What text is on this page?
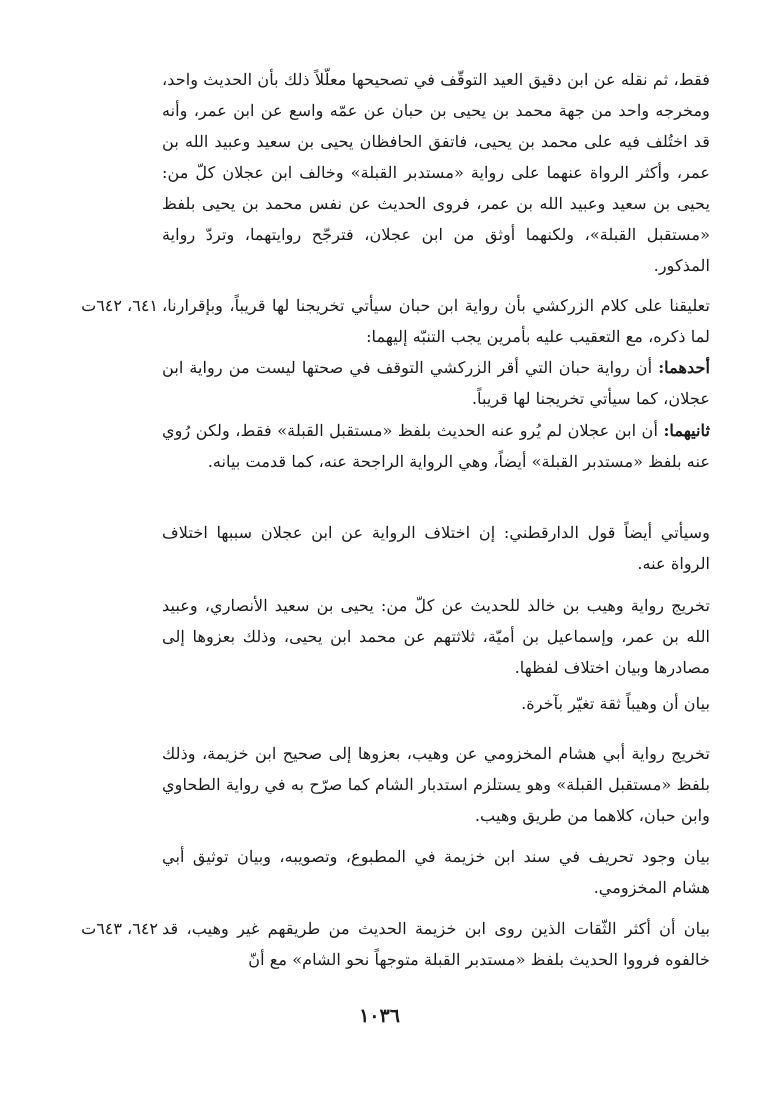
فقط، ثم نقله عن ابن دقيق العيد التوقّف في تصحيحها معلّلاً ذلك بأن الحديث واحد، ومخرجه واحد من جهة محمد بن يحيى بن حبان عن عمّه واسع عن ابن عمر، وأنه قد اختُلف فيه على محمد بن يحيى، فاتفق الحافظان يحيى بن سعيد وعبيد الله بن عمر، وأكثر الرواة عنهما على رواية «مستدبر القبلة» وخالف ابن عجلان كلّ من: يحيى بن سعيد وعبيد الله بن عمر، فروى الحديث عن نفس محمد بن يحيى بلفظ «مستقبل القبلة»، ولكنهما أوثق من ابن عجلان، فترجّح روايتهما، وتردّ رواية المذكور.

تعليقنا على كلام الزركشي بأن رواية ابن حبان سيأتي تخريجنا لها قريباً، وبإقرارنا، لما ذكره، مع التعقيب عليه بأمرين يجب التنبّه إليهما:

٦٤١، ٦٤٢ت

أحدهما: أن رواية حبان التي أقر الزركشي التوقف في صحتها ليست من رواية ابن عجلان، كما سيأتي تخريجنا لها قريباً.

ثانيهما: أن ابن عجلان لم يُرو عنه الحديث بلفظ «مستقبل القبلة» فقط، ولكن رُوي عنه بلفظ «مستدبر القبلة» أيضاً، وهي الرواية الراجحة عنه، كما قدمت بيانه.

وسيأتي أيضاً قول الدارقطني: إن اختلاف الرواية عن ابن عجلان سببها اختلاف الرواة عنه.

تخريج رواية وهيب بن خالد للحديث عن كلّ من: يحيى بن سعيد الأنصاري، وعبيد الله بن عمر، وإسماعيل بن أميّة، ثلاثتهم عن محمد ابن يحيى، وذلك بعزوها إلى مصادرها وبيان اختلاف لفظها.

بيان أن وهيباً ثقة تغيّر بآخرة.

تخريج رواية أبي هشام المخزومي عن وهيب، بعزوها إلى صحيح ابن خزيمة، وذلك بلفظ «مستقبل القبلة» وهو يستلزم استدبار الشام كما صرّح به في رواية الطحاوي وابن حبان، كلاهما من طريق وهيب.

بيان وجود تحريف في سند ابن خزيمة في المطبوع، وتصويبه، وبيان توثيق أبي هشام المخزومي.

بيان أن أكثر الثّقات الذين روى ابن خزيمة الحديث من طريقهم غير وهيب، قد خالفوه فرووا الحديث بلفظ «مستدبر القبلة متوجهاً نحو الشام» مع أنّ

٦٤٢، ٦٤٣ت
١٠٣٦
